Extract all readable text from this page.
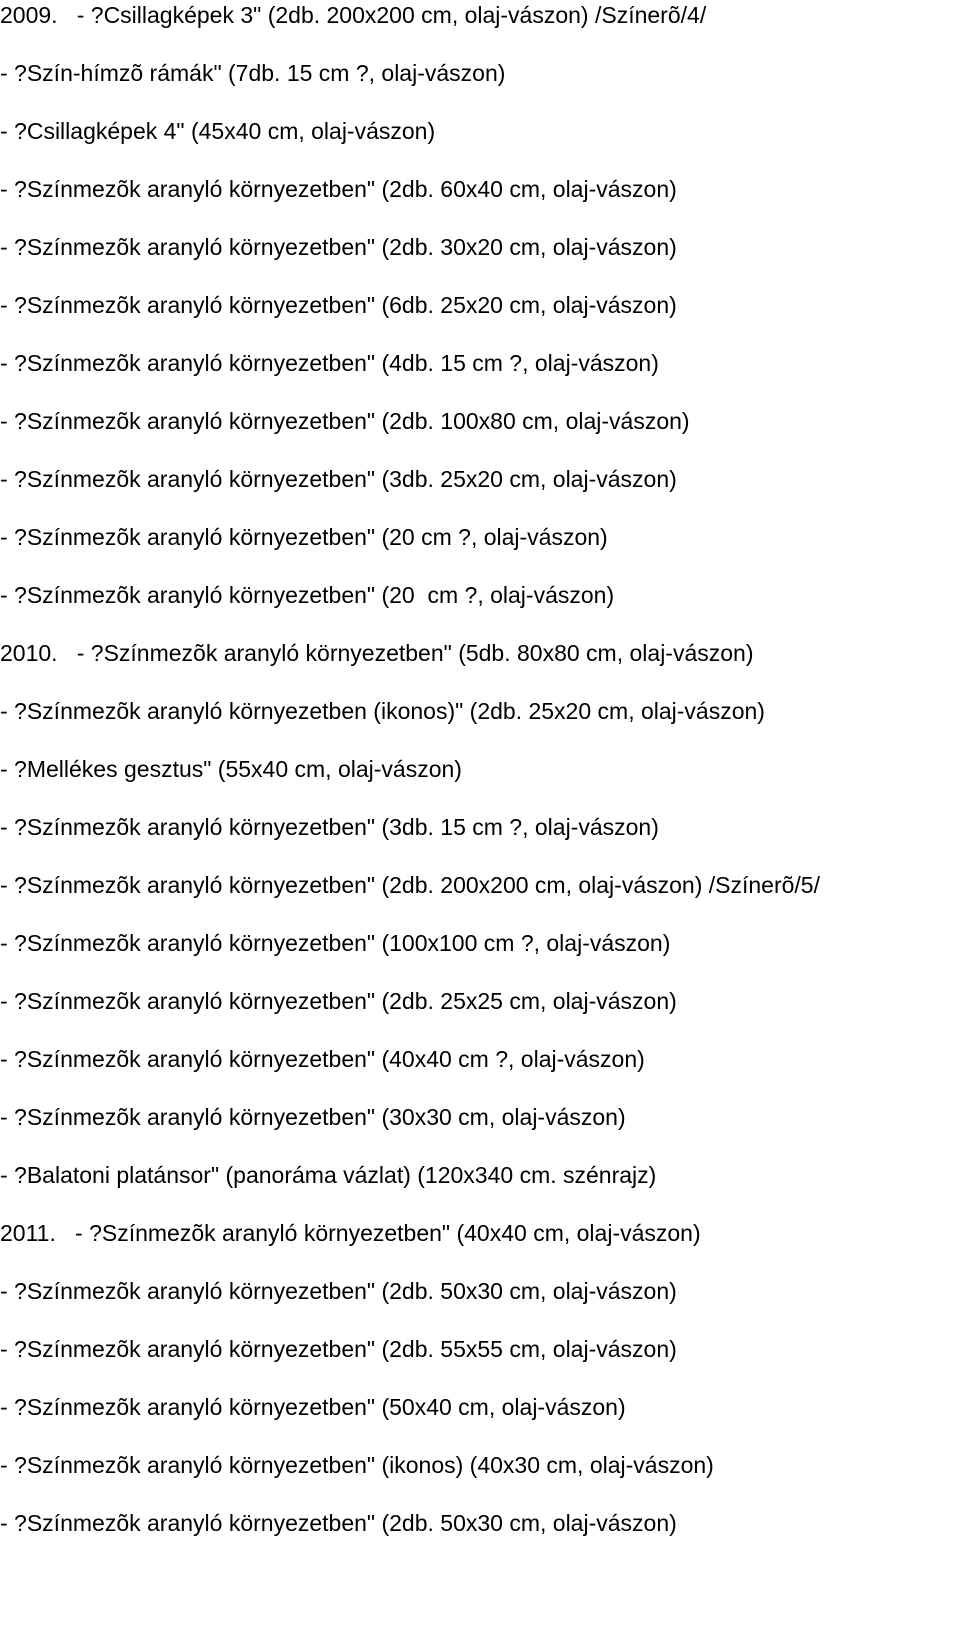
2009.   - ?Csillagképek 3" (2db. 200x200 cm, olaj-vászon) /Színerõ/4/

- ?Szín-hímzõ rámák" (7db. 15 cm ?, olaj-vászon)

- ?Csillagképek 4" (45x40 cm, olaj-vászon)

- ?Színmezõk aranyló környezetben" (2db. 60x40 cm, olaj-vászon)

- ?Színmezõk aranyló környezetben" (2db. 30x20 cm, olaj-vászon)

- ?Színmezõk aranyló környezetben" (6db. 25x20 cm, olaj-vászon)

- ?Színmezõk aranyló környezetben" (4db. 15 cm ?, olaj-vászon)

- ?Színmezõk aranyló környezetben" (2db. 100x80 cm, olaj-vászon)

- ?Színmezõk aranyló környezetben" (3db. 25x20 cm, olaj-vászon)

- ?Színmezõk aranyló környezetben" (20 cm ?, olaj-vászon)

- ?Színmezõk aranyló környezetben" (20  cm ?, olaj-vászon)

2010.   - ?Színmezõk aranyló környezetben" (5db. 80x80 cm, olaj-vászon)

- ?Színmezõk aranyló környezetben (ikonos)" (2db. 25x20 cm, olaj-vászon)

- ?Mellékes gesztus" (55x40 cm, olaj-vászon)

- ?Színmezõk aranyló környezetben" (3db. 15 cm ?, olaj-vászon)

- ?Színmezõk aranyló környezetben" (2db. 200x200 cm, olaj-vászon) /Színerõ/5/

- ?Színmezõk aranyló környezetben" (100x100 cm ?, olaj-vászon)

- ?Színmezõk aranyló környezetben" (2db. 25x25 cm, olaj-vászon)

- ?Színmezõk aranyló környezetben" (40x40 cm ?, olaj-vászon)

- ?Színmezõk aranyló környezetben" (30x30 cm, olaj-vászon)

- ?Balatoni platánsor" (panoráma vázlat) (120x340 cm. szénrajz)

2011.   - ?Színmezõk aranyló környezetben" (40x40 cm, olaj-vászon)

- ?Színmezõk aranyló környezetben" (2db. 50x30 cm, olaj-vászon)

- ?Színmezõk aranyló környezetben" (2db. 55x55 cm, olaj-vászon)

- ?Színmezõk aranyló környezetben" (50x40 cm, olaj-vászon)

- ?Színmezõk aranyló környezetben" (ikonos) (40x30 cm, olaj-vászon)

- ?Színmezõk aranyló környezetben" (2db. 50x30 cm, olaj-vászon)
